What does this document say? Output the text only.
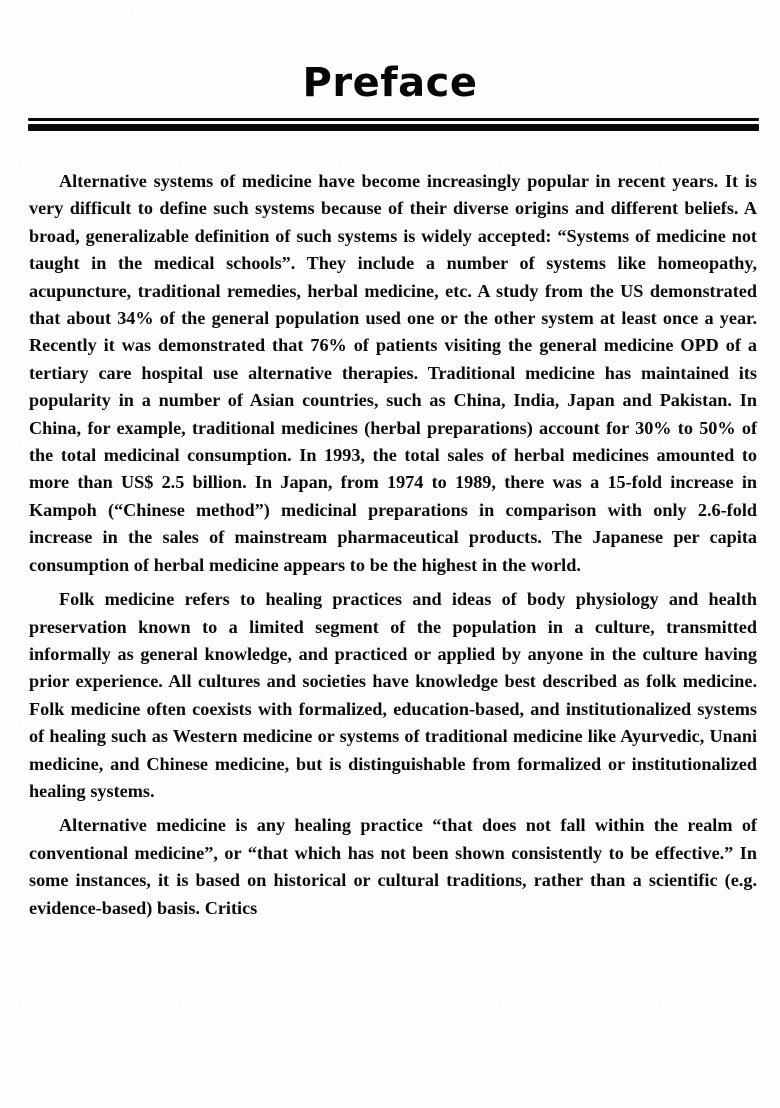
Preface

Alternative systems of medicine have become increasingly popular in recent years. It is very difficult to define such systems because of their diverse origins and different beliefs. A broad, generalizable definition of such systems is widely accepted: “Systems of medicine not taught in the medical schools”. They include a number of systems like homeopathy, acupuncture, traditional remedies, herbal medicine, etc. A study from the US demonstrated that about 34% of the general population used one or the other system at least once a year. Recently it was demonstrated that 76% of patients visiting the general medicine OPD of a tertiary care hospital use alternative therapies. Traditional medicine has maintained its popularity in a number of Asian countries, such as China, India, Japan and Pakistan. In China, for example, traditional medicines (herbal preparations) account for 30% to 50% of the total medicinal consumption. In 1993, the total sales of herbal medicines amounted to more than US$ 2.5 billion. In Japan, from 1974 to 1989, there was a 15-fold increase in Kampoh (“Chinese method”) medicinal preparations in comparison with only 2.6-fold increase in the sales of mainstream pharmaceutical products. The Japanese per capita consumption of herbal medicine appears to be the highest in the world.

Folk medicine refers to healing practices and ideas of body physiology and health preservation known to a limited segment of the population in a culture, transmitted informally as general knowledge, and practiced or applied by anyone in the culture having prior experience. All cultures and societies have knowledge best described as folk medicine. Folk medicine often coexists with formalized, education-based, and institutionalized systems of healing such as Western medicine or systems of traditional medicine like Ayurvedic, Unani medicine, and Chinese medicine, but is distinguishable from formalized or institutionalized healing systems.

Alternative medicine is any healing practice “that does not fall within the realm of conventional medicine”, or “that which has not been shown consistently to be effective.” In some instances, it is based on historical or cultural traditions, rather than a scientific (e.g. evidence-based) basis. Critics
